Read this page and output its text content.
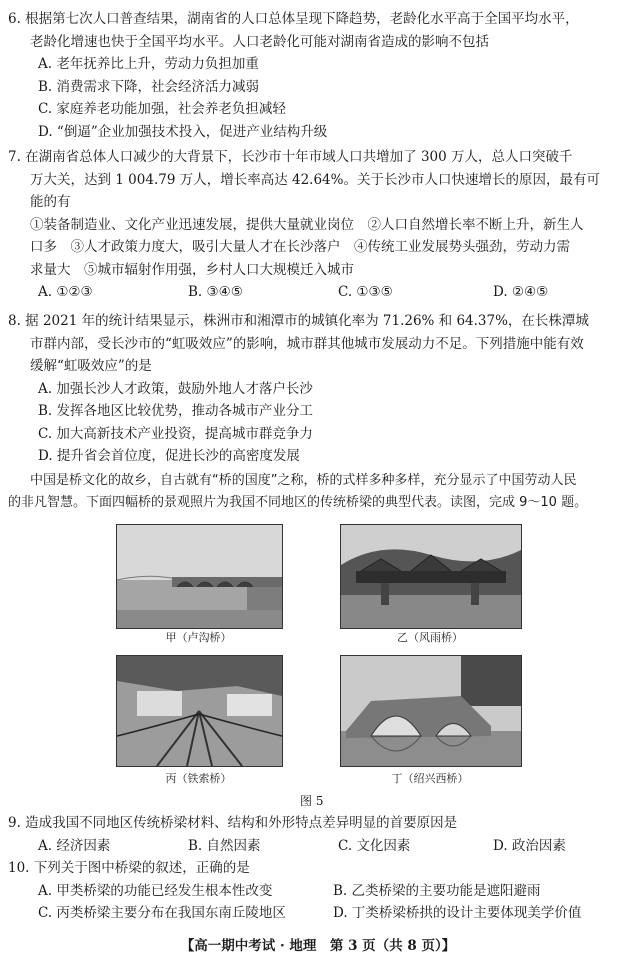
6. 根据第七次人口普查结果，湖南省的人口总体呈现下降趋势，老龄化水平高于全国平均水平，
老龄化增速也快于全国平均水平。人口老龄化可能对湖南省造成的影响不包括
A. 老年抚养比上升，劳动力负担加重
B. 消费需求下降，社会经济活力减弱
C. 家庭养老功能加强，社会养老负担减轻
D. “倒逼”企业加强技术投入，促进产业结构升级
7. 在湖南省总体人口减少的大背景下，长沙市十年市域人口共增加了 300 万人，总人口突破千
万大关，达到 1 004.79 万人，增长率高达 42.64%。关于长沙市人口快速增长的原因，最有可
能的有
①装备制造业、文化产业迅速发展，提供大量就业岗位　②人口自然增长率不断上升，新生人
口多　③人才政策力度大，吸引大量人才在长沙落户　④传统工业发展势头强劲，劳动力需
求量大　⑤城市辐射作用强，乡村人口大规模迁入城市
A. ①②③	B. ③④⑤	C. ①③⑤	D. ②④⑤
8. 据 2021 年的统计结果显示，株洲市和湘潭市的城镇化率为 71.26% 和 64.37%，在长株潭城
市群内部，受长沙市的“虹吸效应”的影响，城市群其他城市发展动力不足。下列措施中能有效
缓解“虹吸效应”的是
A. 加强长沙人才政策，鼓励外地人才落户长沙
B. 发挥各地区比较优势，推动各城市产业分工
C. 加大高新技术产业投资，提高城市群竞争力
D. 提升省会首位度，促进长沙的高密度发展
中国是桥文化的故乡，自古就有“桥的国度”之称，桥的式样多种多样，充分显示了中国劳动人民
的非凡智慧。下面四幅桥的景观照片为我国不同地区的传统桥梁的典型代表。读图，完成 9～10 题。
甲（卢沟桥）	乙（风雨桥）
丙（铁索桥）	丁（绍兴西桥）
图 5
9. 造成我国不同地区传统桥梁材料、结构和外形特点差异明显的首要原因是
A. 经济因素	B. 自然因素	C. 文化因素	D. 政治因素
10. 下列关于图中桥梁的叙述，正确的是
A. 甲类桥梁的功能已经发生根本性改变	B. 乙类桥梁的主要功能是遮阳避雨
C. 丙类桥梁主要分布在我国东南丘陵地区	D. 丁类桥梁桥拱的设计主要体现美学价值
【高一期中考试 · 地理　第 3 页（共 8 页）】
